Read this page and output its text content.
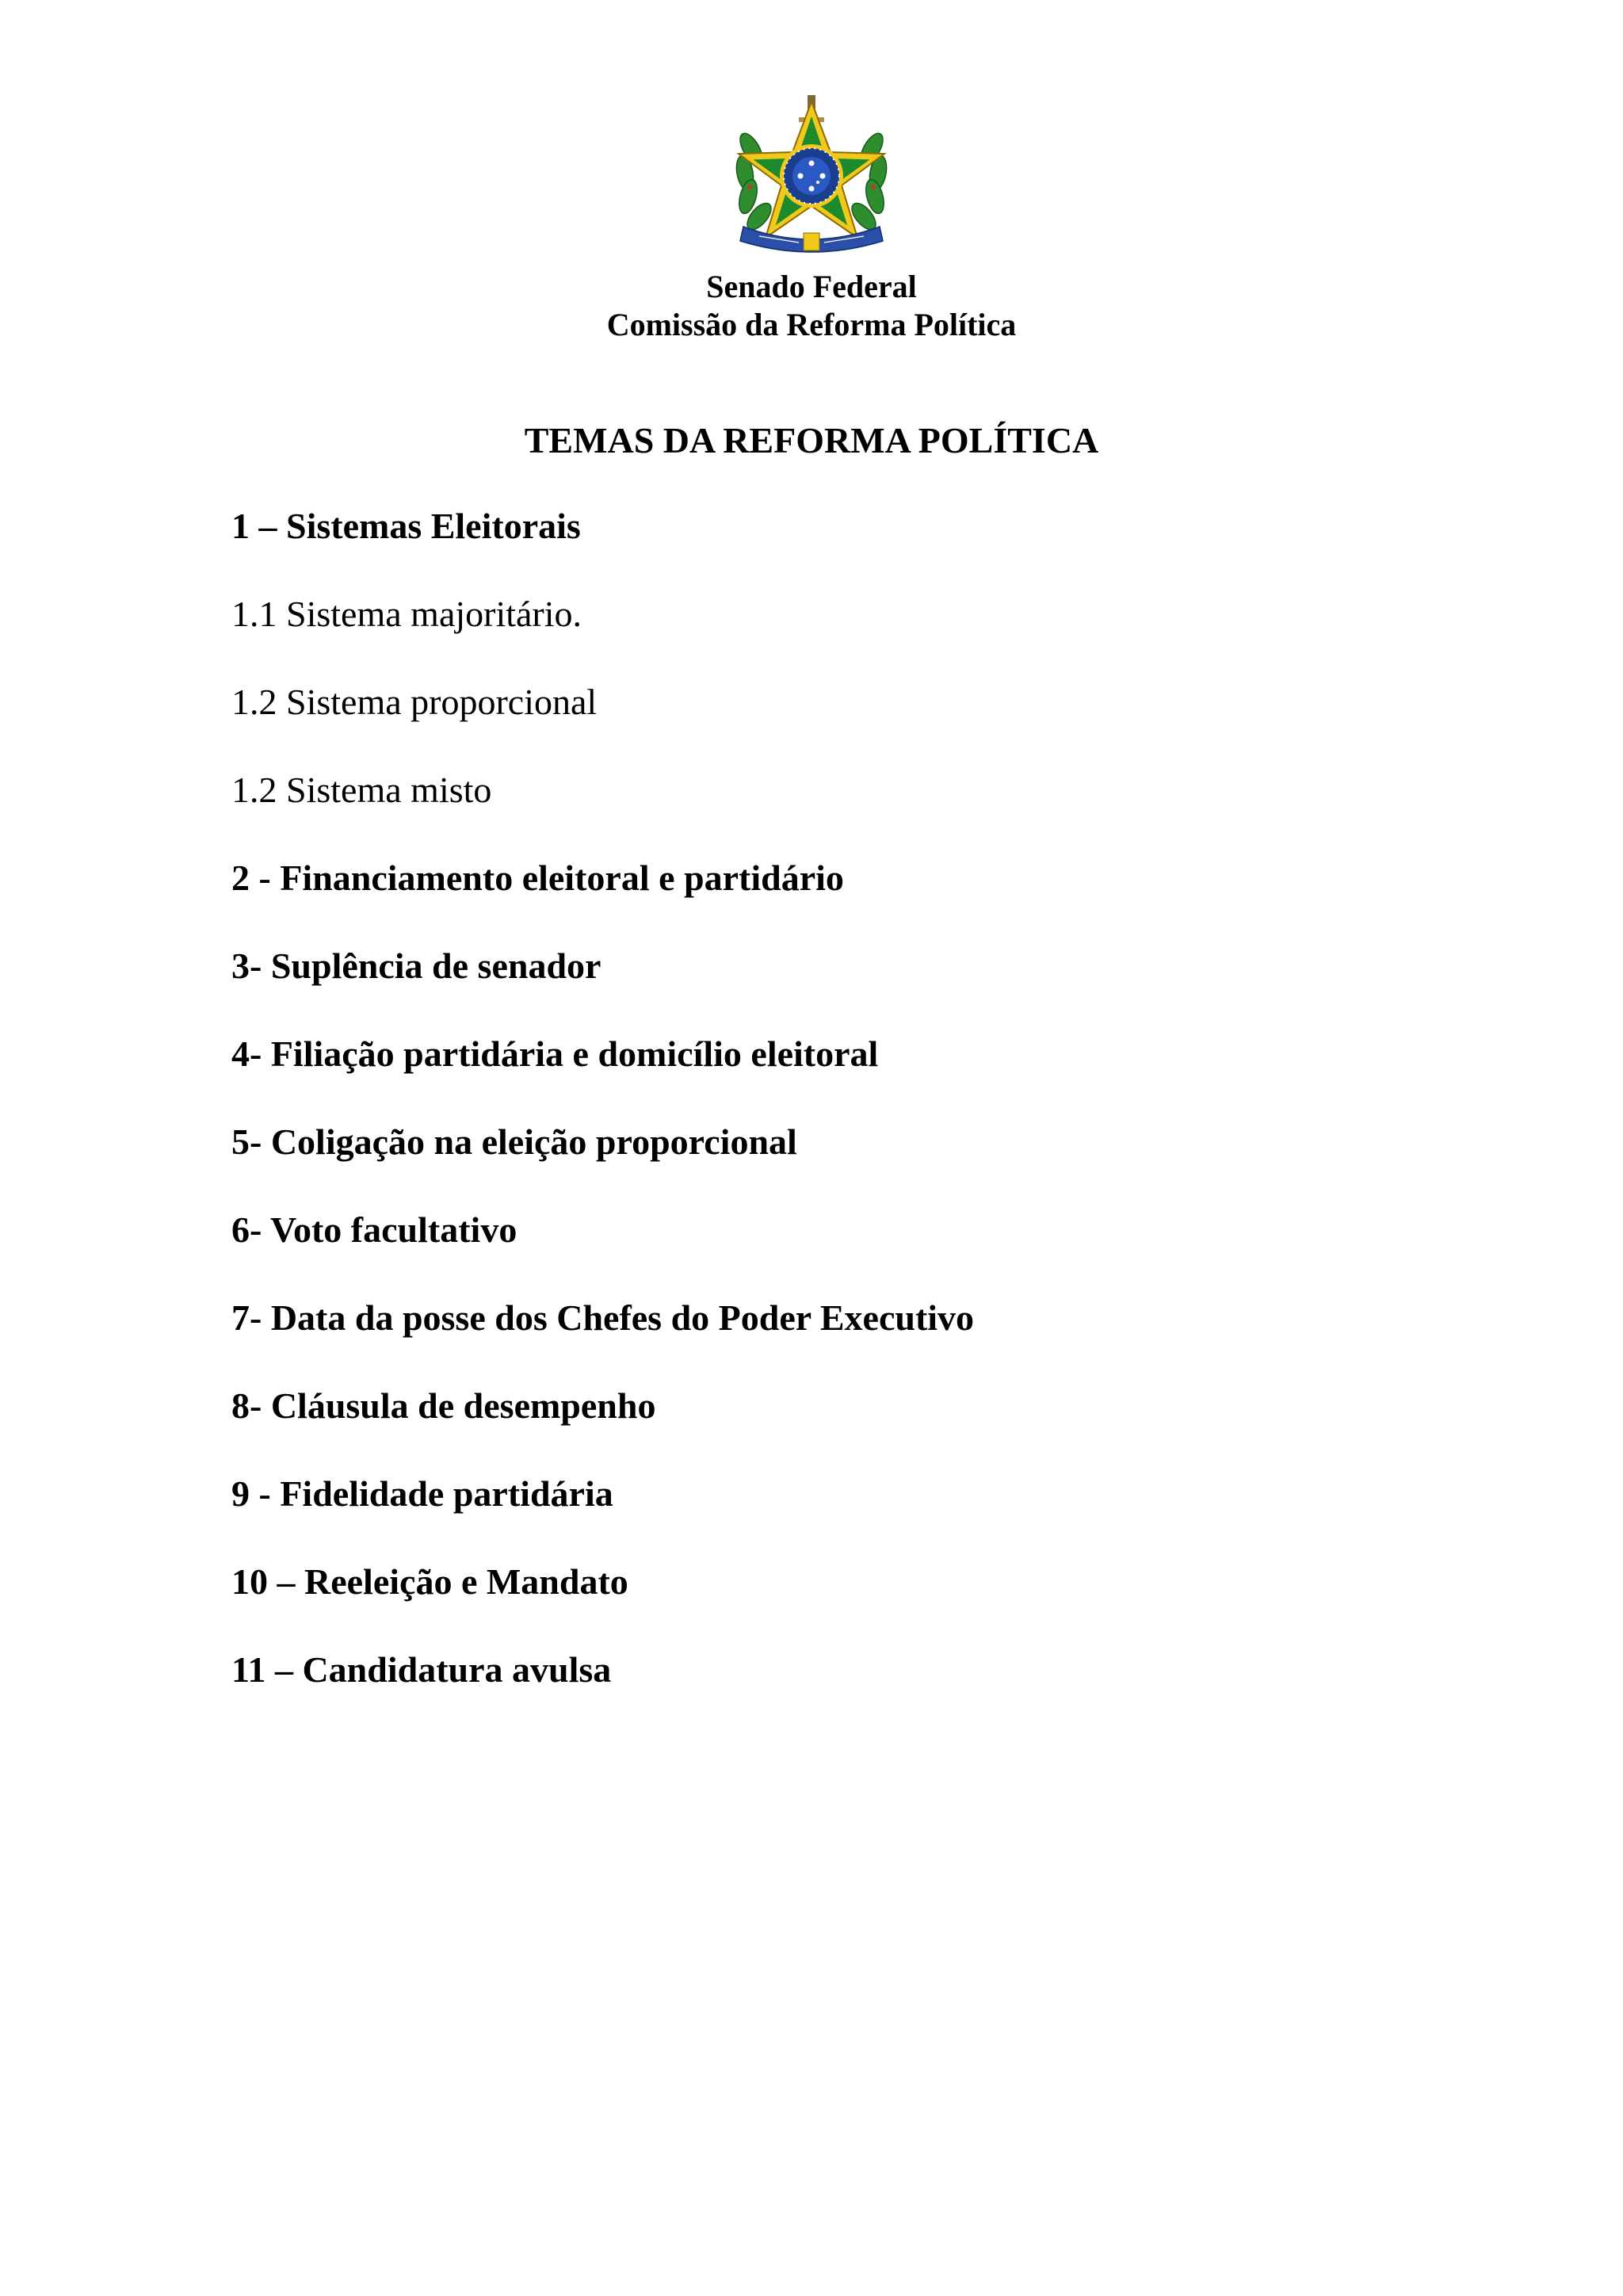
Senado Federal
Comissão da Reforma Política
TEMAS DA REFORMA POLÍTICA
1 – Sistemas Eleitorais
1.1 Sistema majoritário.
1.2 Sistema proporcional
1.2 Sistema misto
2 - Financiamento eleitoral e partidário
3- Suplência de senador
4- Filiação partidária e domicílio eleitoral
5- Coligação na eleição proporcional
6- Voto facultativo
7- Data da posse dos Chefes do Poder Executivo
8- Cláusula de desempenho
9 - Fidelidade partidária
10 – Reeleição e Mandato
11 – Candidatura avulsa
